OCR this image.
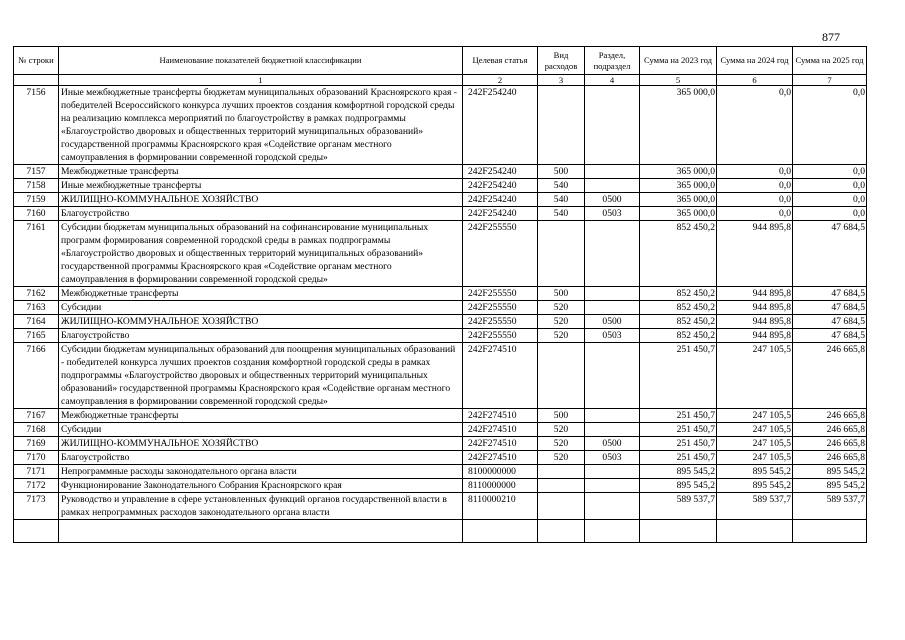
877
№ строки	Наименование показателей бюджетной классификации	Целевая статья	Вид расходов	Раздел, подраздел	Сумма на 2023 год	Сумма на 2024 год	Сумма на 2025 год
	1	2	3	4	5	6	7
7156	Иные межбюджетные трансферты бюджетам муниципальных образований Красноярского края - победителей Всероссийского конкурса лучших проектов создания комфортной городской среды на реализацию комплекса мероприятий по благоустройству в рамках подпрограммы «Благоустройство дворовых и общественных территорий муниципальных образований» государственной программы Красноярского края «Содействие органам местного самоуправления в формировании современной городской среды»	242F254240			365 000,0	0,0	0,0
7157	Межбюджетные трансферты	242F254240	500		365 000,0	0,0	0,0
7158	Иные межбюджетные трансферты	242F254240	540		365 000,0	0,0	0,0
7159	ЖИЛИЩНО-КОММУНАЛЬНОЕ ХОЗЯЙСТВО	242F254240	540	0500	365 000,0	0,0	0,0
7160	Благоустройство	242F254240	540	0503	365 000,0	0,0	0,0
7161	Субсидии бюджетам муниципальных образований на софинансирование муниципальных программ формирования современной городской среды в рамках подпрограммы «Благоустройство дворовых и общественных территорий муниципальных образований» государственной программы Красноярского края «Содействие органам местного самоуправления в формировании современной городской среды»	242F255550			852 450,2	944 895,8	47 684,5
7162	Межбюджетные трансферты	242F255550	500		852 450,2	944 895,8	47 684,5
7163	Субсидии	242F255550	520		852 450,2	944 895,8	47 684,5
7164	ЖИЛИЩНО-КОММУНАЛЬНОЕ ХОЗЯЙСТВО	242F255550	520	0500	852 450,2	944 895,8	47 684,5
7165	Благоустройство	242F255550	520	0503	852 450,2	944 895,8	47 684,5
7166	Субсидии бюджетам муниципальных образований для поощрения муниципальных образований - победителей конкурса лучших проектов создания комфортной городской среды в рамках подпрограммы «Благоустройство дворовых и общественных территорий муниципальных образований» государственной программы Красноярского края «Содействие органам местного самоуправления в формировании современной городской среды»	242F274510			251 450,7	247 105,5	246 665,8
7167	Межбюджетные трансферты	242F274510	500		251 450,7	247 105,5	246 665,8
7168	Субсидии	242F274510	520		251 450,7	247 105,5	246 665,8
7169	ЖИЛИЩНО-КОММУНАЛЬНОЕ ХОЗЯЙСТВО	242F274510	520	0500	251 450,7	247 105,5	246 665,8
7170	Благоустройство	242F274510	520	0503	251 450,7	247 105,5	246 665,8
7171	Непрограммные расходы законодательного органа власти	8100000000			895 545,2	895 545,2	895 545,2
7172	Функционирование Законодательного Собрания Красноярского края	8110000000			895 545,2	895 545,2	895 545,2
7173	Руководство и управление в сфере установленных функций органов государственной власти в рамках непрограммных расходов законодательного органа власти	8110000210			589 537,7	589 537,7	589 537,7
